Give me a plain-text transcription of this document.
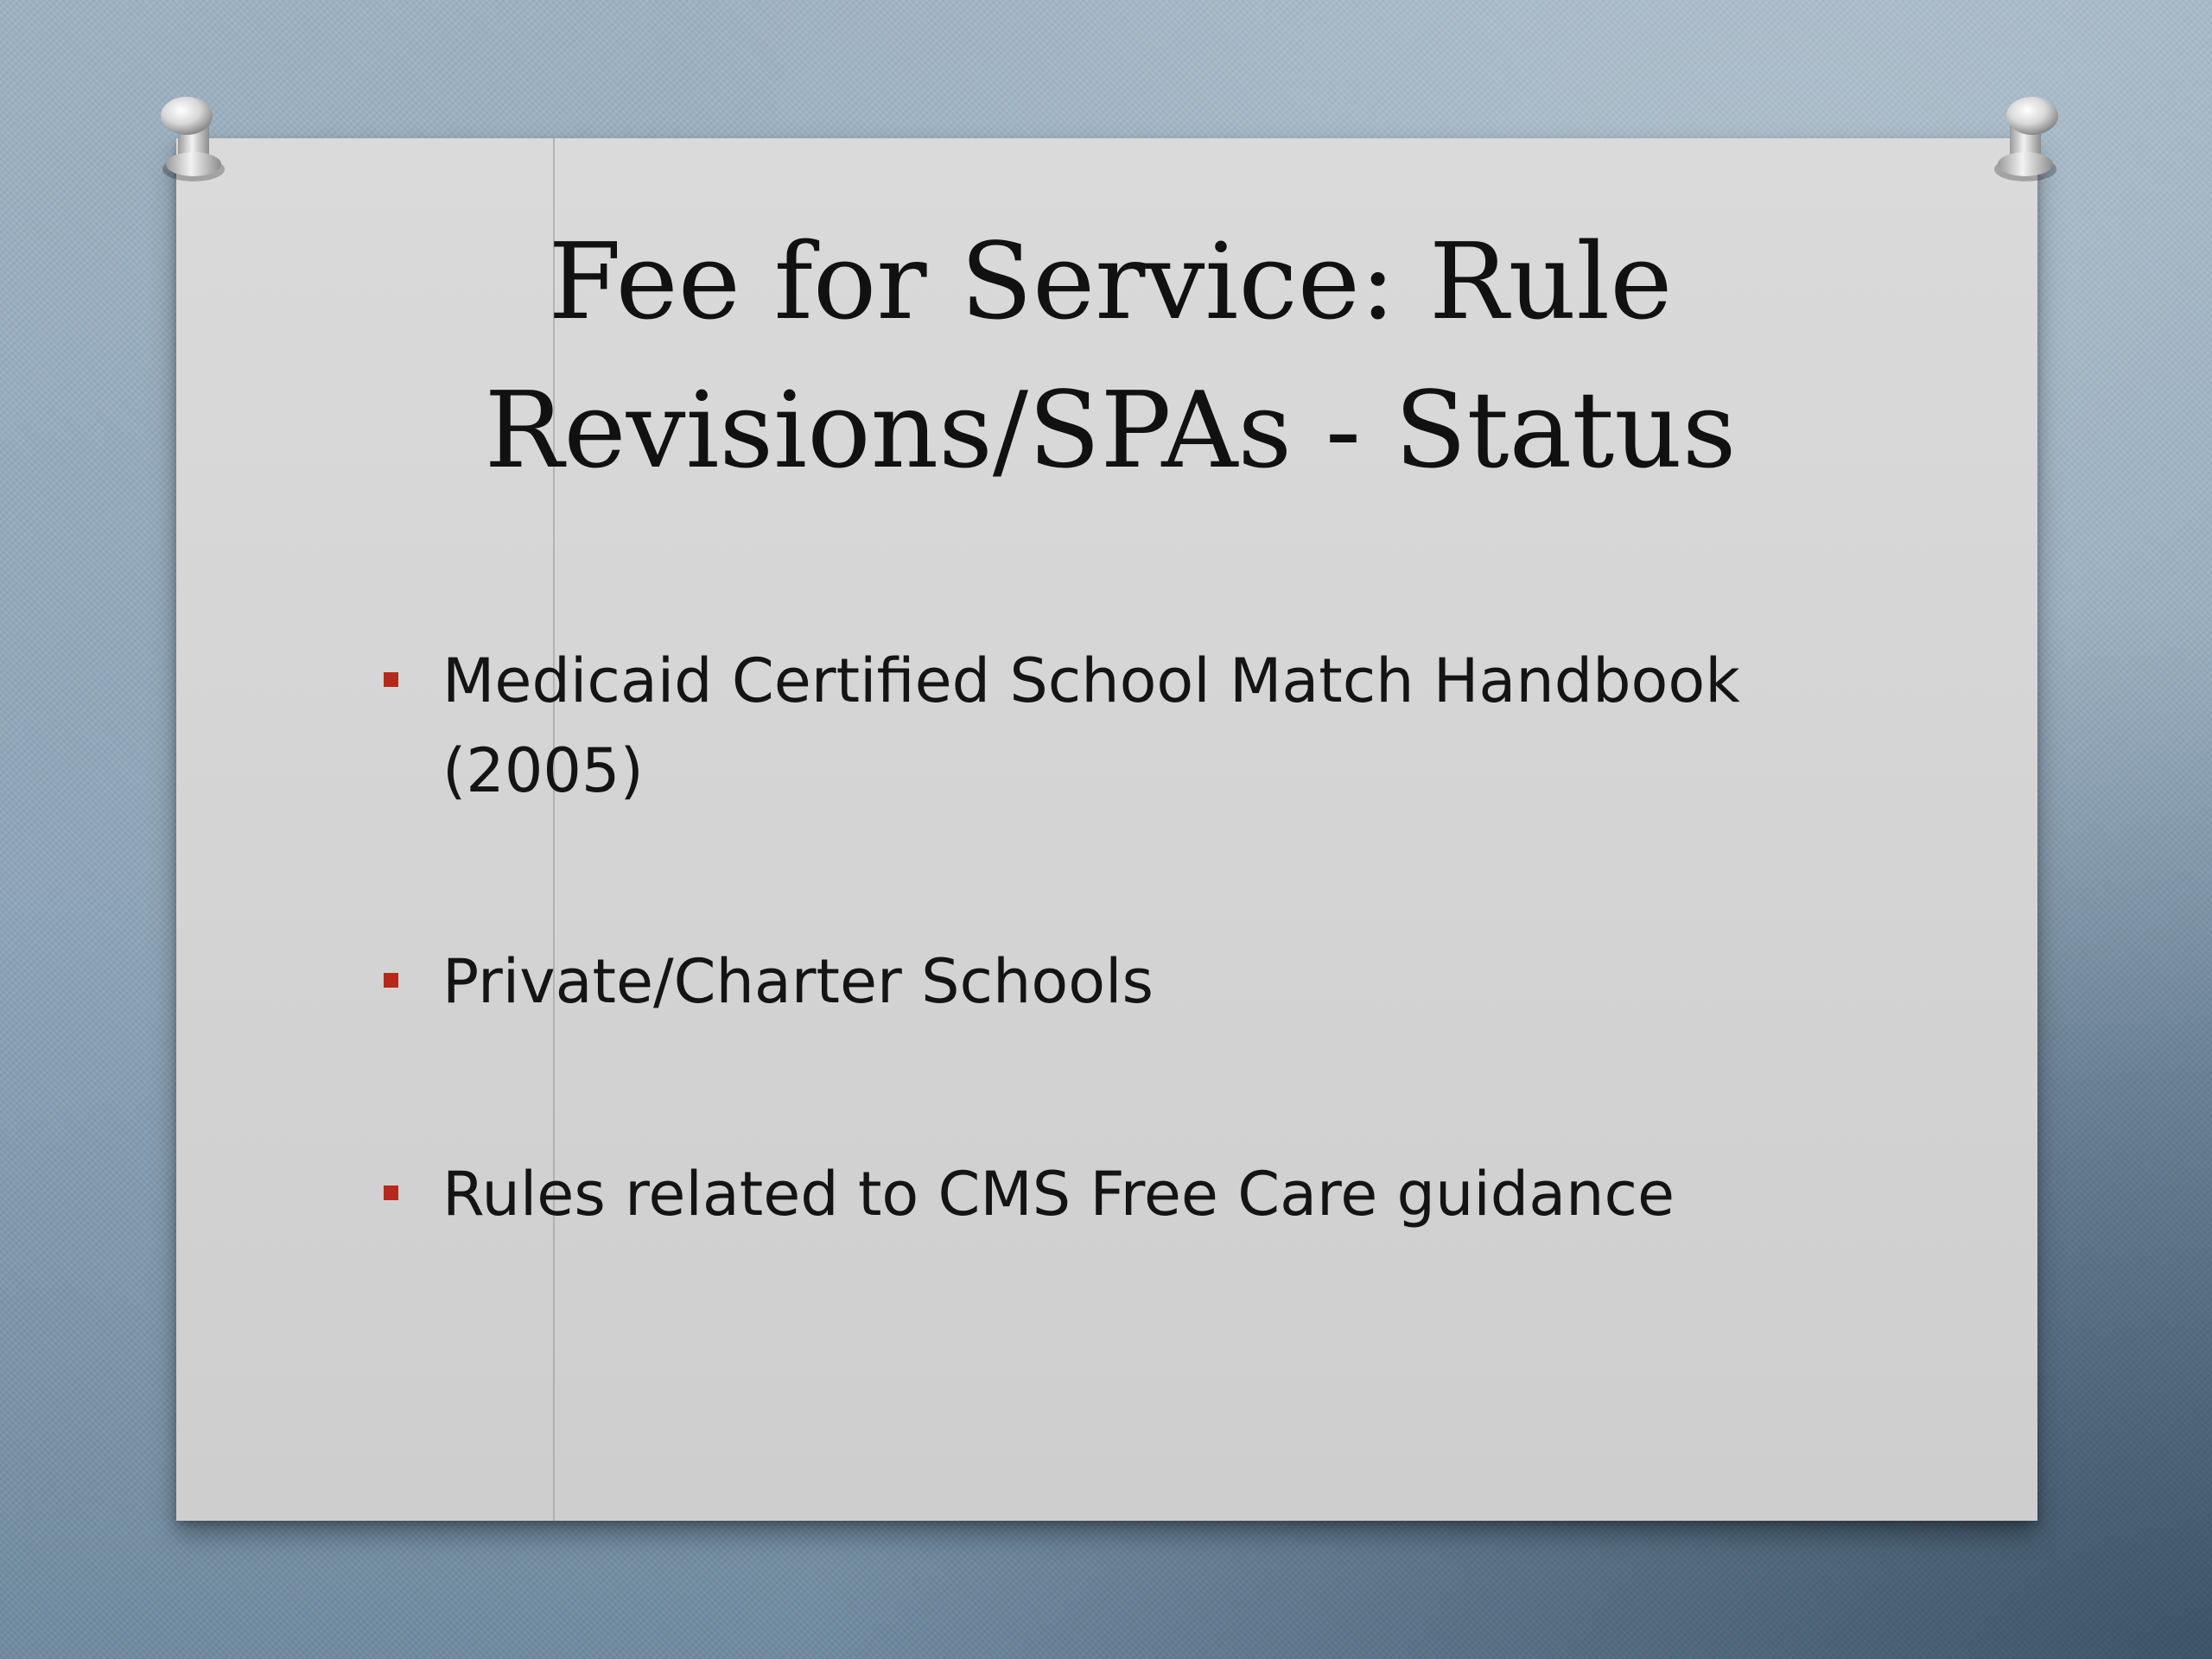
Fee for Service: Rule
Revisions/SPAs - Status
Medicaid Certified School Match Handbook
(2005)
Private/Charter Schools
Rules related to CMS Free Care guidance
